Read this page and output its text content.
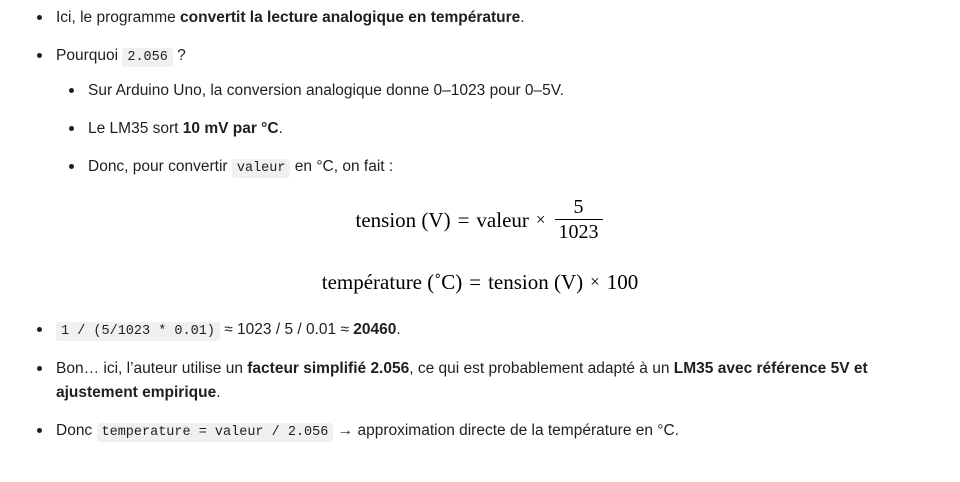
Ici, le programme convertit la lecture analogique en température.
Pourquoi 2.056 ?
Sur Arduino Uno, la conversion analogique donne 0–1023 pour 0–5V.
Le LM35 sort 10 mV par °C.
Donc, pour convertir valeur en °C, on fait :
tension (V) = valeur × $\frac{5}{1023}$
température (˚C) = tension (V) × 100
1 / (5/1023 * 0.01) ≈ 1023 / 5 / 0.01 ≈ 20460.
Bon… ici, l’auteur utilise un facteur simplifié 2.056, ce qui est probablement adapté à un LM35 avec référence 5V et ajustement empirique.
Donc temperature = valeur / 2.056 → approximation directe de la température en °C.
